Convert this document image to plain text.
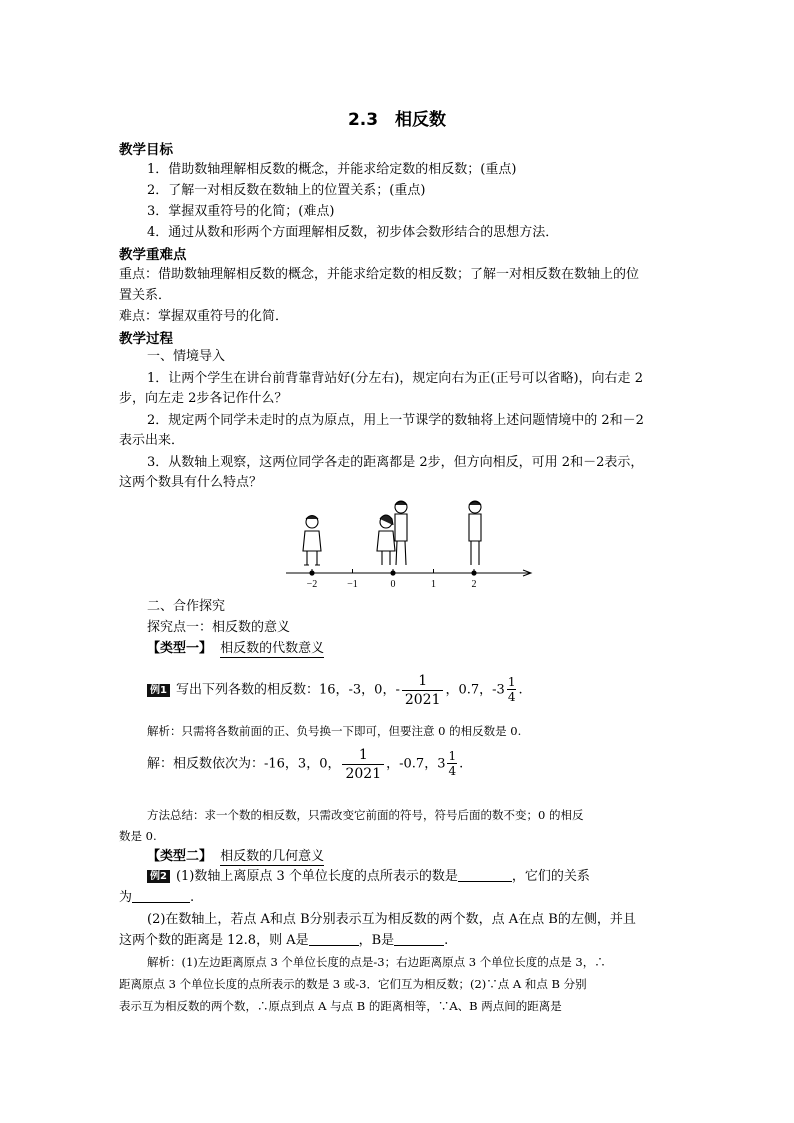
2.3　相反数
教学目标
1．借助数轴理解相反数的概念，并能求给定数的相反数；(重点)
2．了解一对相反数在数轴上的位置关系；(重点)
3．掌握双重符号的化简；(难点)
4．通过从数和形两个方面理解相反数，初步体会数形结合的思想方法．
教学重难点
重点：借助数轴理解相反数的概念，并能求给定数的相反数；了解一对相反数在数轴上的位
置关系．
难点：掌握双重符号的化简．
教学过程
一、情境导入
1．让两个学生在讲台前背靠背站好(分左右)，规定向右为正(正号可以省略)，向右走 2
步，向左走 2步各记作什么？
2．规定两个同学未走时的点为原点，用上一节课学的数轴将上述问题情境中的 2和－2
表示出来．
3．从数轴上观察，这两位同学各走的距离都是 2步，但方向相反，可用 2和－2表示，
这两个数具有什么特点？
−2	−1	0	1	2
二、合作探究
探究点一：相反数的意义
【类型一】 相反数的代数意义
例1 写出下列各数的相反数：16，-3，0，- $\frac{1}{2021}$ ，0.7，$-3 \frac{1}{4}$ .
解析：只需将各数前面的正、负号换一下即可，但要注意 0 的相反数是 0.
解：相反数依次为：-16，3，0， $\frac{1}{2021}$ ，-0.7，$3 \frac{1}{4}$ .
方法总结：求一个数的相反数，只需改变它前面的符号，符号后面的数不变；0 的相反
数是 0.
【类型二】 相反数的几何意义
例2 (1)数轴上离原点 3 个单位长度的点所表示的数是	，它们的关系
为	.
(2)在数轴上，若点 A和点 B分别表示互为相反数的两个数，点 A在点 B的左侧，并且
这两个数的距离是 12.8，则 A是	，B是	.
解析：(1)左边距离原点 3 个单位长度的点是-3；右边距离原点 3 个单位长度的点是 3，∴
距离原点 3 个单位长度的点所表示的数是 3 或-3．它们互为相反数；(2)∵点 A 和点 B 分别
表示互为相反数的两个数，∴原点到点 A 与点 B 的距离相等，∵A、B 两点间的距离是
